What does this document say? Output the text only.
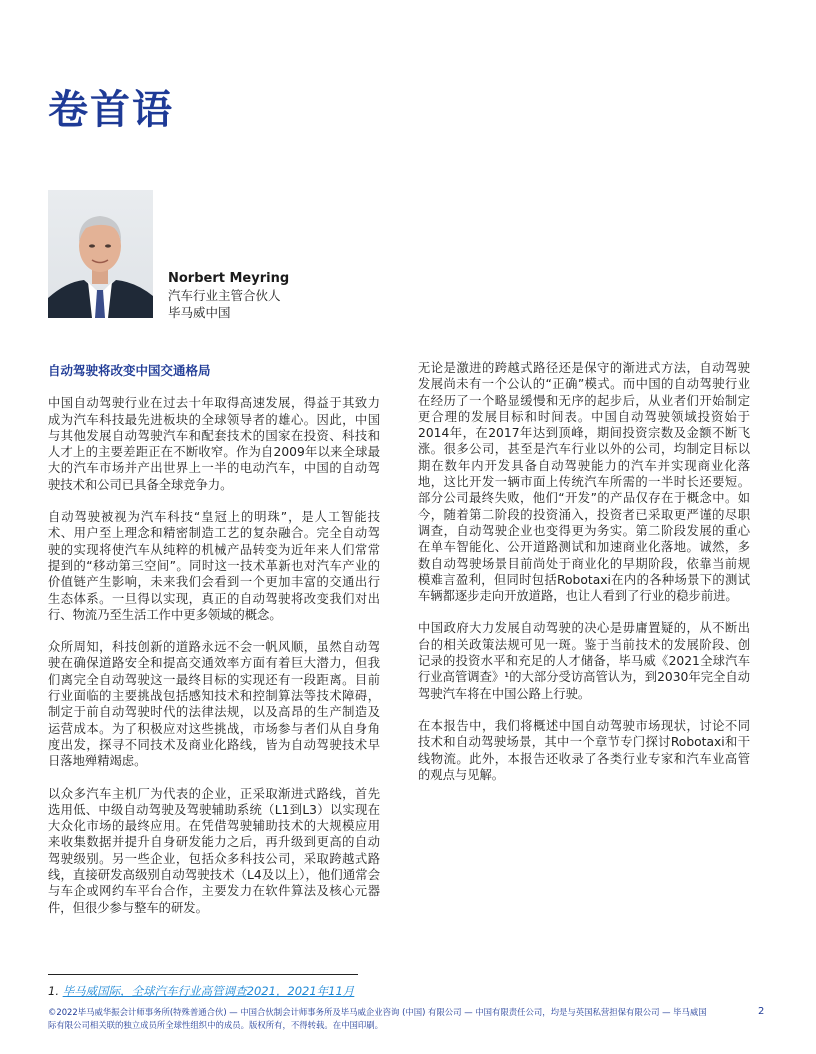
卷首语
Norbert Meyring
汽车行业主管合伙人
毕马威中国
自动驾驶将改变中国交通格局

中国自动驾驶行业在过去十年取得高速发展，得益于其致力成为汽车科技最先进板块的全球领导者的雄心。因此，中国与其他发展自动驾驶汽车和配套技术的国家在投资、科技和人才上的主要差距正在不断收窄。作为自2009年以来全球最大的汽车市场并产出世界上一半的电动汽车，中国的自动驾驶技术和公司已具备全球竞争力。

自动驾驶被视为汽车科技“皇冠上的明珠”，是人工智能技术、用户至上理念和精密制造工艺的复杂融合。完全自动驾驶的实现将使汽车从纯粹的机械产品转变为近年来人们常常提到的“移动第三空间”。同时这一技术革新也对汽车产业的价值链产生影响，未来我们会看到一个更加丰富的交通出行生态体系。一旦得以实现，真正的自动驾驶将改变我们对出行、物流乃至生活工作中更多领域的概念。

众所周知，科技创新的道路永远不会一帆风顺，虽然自动驾驶在确保道路安全和提高交通效率方面有着巨大潜力，但我们离完全自动驾驶这一最终目标的实现还有一段距离。目前行业面临的主要挑战包括感知技术和控制算法等技术障碍，制定于前自动驾驶时代的法律法规，以及高昂的生产制造及运营成本。为了积极应对这些挑战，市场参与者们从自身角度出发，探寻不同技术及商业化路线，皆为自动驾驶技术早日落地殚精竭虑。

以众多汽车主机厂为代表的企业，正采取渐进式路线，首先选用低、中级自动驾驶及驾驶辅助系统（L1到L3）以实现在大众化市场的最终应用。在凭借驾驶辅助技术的大规模应用来收集数据并提升自身研发能力之后，再升级到更高的自动驾驶级别。另一些企业，包括众多科技公司，采取跨越式路线，直接研发高级别自动驾驶技术（L4及以上），他们通常会与车企或网约车平台合作，主要发力在软件算法及核心元器件，但很少参与整车的研发。

无论是激进的跨越式路径还是保守的渐进式方法，自动驾驶发展尚未有一个公认的“正确”模式。而中国的自动驾驶行业在经历了一个略显缓慢和无序的起步后，从业者们开始制定更合理的发展目标和时间表。中国自动驾驶领域投资始于2014年，在2017年达到顶峰，期间投资宗数及金额不断飞涨。很多公司，甚至是汽车行业以外的公司，均制定目标以期在数年内开发具备自动驾驶能力的汽车并实现商业化落地，这比开发一辆市面上传统汽车所需的一半时长还要短。部分公司最终失败，他们“开发”的产品仅存在于概念中。如今，随着第二阶段的投资涌入，投资者已采取更严谨的尽职调查，自动驾驶企业也变得更为务实。第二阶段发展的重心在单车智能化、公开道路测试和加速商业化落地。诚然，多数自动驾驶场景目前尚处于商业化的早期阶段，依靠当前规模难言盈利，但同时包括Robotaxi在内的各种场景下的测试车辆都逐步走向开放道路，也让人看到了行业的稳步前进。

中国政府大力发展自动驾驶的决心是毋庸置疑的，从不断出台的相关政策法规可见一斑。鉴于当前技术的发展阶段、创记录的投资水平和充足的人才储备，毕马威《2021全球汽车行业高管调查》¹的大部分受访高管认为，到2030年完全自动驾驶汽车将在中国公路上行驶。

在本报告中，我们将概述中国自动驾驶市场现状，讨论不同技术和自动驾驶场景，其中一个章节专门探讨Robotaxi和干线物流。此外，本报告还收录了各类行业专家和汽车业高管的观点与见解。

1. 毕马威国际，全球汽车行业高管调查2021，2021年11月
©2022毕马威华振会计师事务所(特殊普通合伙) — 中国合伙制会计师事务所及毕马威企业咨询 (中国) 有限公司 — 中国有限责任公司，均是与英国私营担保有限公司 — 毕马威国际有限公司相关联的独立成员所全球性组织中的成员。版权所有，不得转载。在中国印刷。
2
